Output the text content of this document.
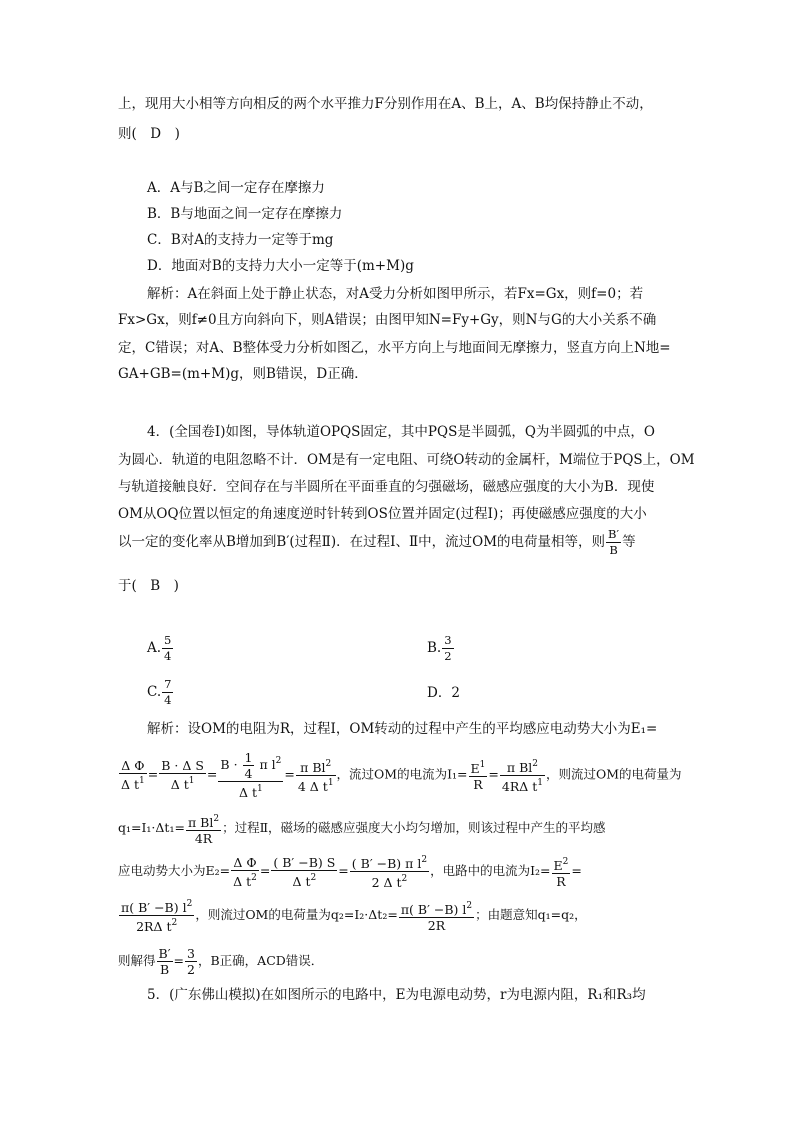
上，现用大小相等方向相反的两个水平推力F分别作用在A、B上，A、B均保持静止不动，
则(　D　)
A．A与B之间一定存在摩擦力
B．B与地面之间一定存在摩擦力
C．B对A的支持力一定等于mg
D．地面对B的支持力大小一定等于(m+M)g
解析：A在斜面上处于静止状态，对A受力分析如图甲所示，若Fx=Gx，则f=0；若
Fx>Gx，则f≠0且方向斜向下，则A错误；由图甲知N=Fy+Gy，则N与G的大小关系不确
定，C错误；对A、B整体受力分析如图乙，水平方向上与地面间无摩擦力，竖直方向上N地=
GA+GB=(m+M)g，则B错误，D正确．
4．(全国卷Ⅰ)如图，导体轨道OPQS固定，其中PQS是半圆弧，Q为半圆弧的中点，O
为圆心．轨道的电阻忽略不计．OM是有一定电阻、可绕O转动的金属杆，M端位于PQS上，OM
与轨道接触良好．空间存在与半圆所在平面垂直的匀强磁场，磁感应强度的大小为B．现使
OM从OQ位置以恒定的角速度逆时针转到OS位置并固定(过程Ⅰ)；再使磁感应强度的大小
以一定的变化率从B增加到B′(过程Ⅱ)．在过程Ⅰ、Ⅱ中，流过OM的电荷量相等，则 $\frac{B'}{B}$ 等
于(　B　)
A. $\frac{5}{4}$	B. $\frac{3}{2}$
C. $\frac{7}{4}$	D．2
解析：设OM的电阻为R，过程Ⅰ，OM转动的过程中产生的平均感应电动势大小为E₁=
$\frac{\text{Δ Φ}}{\Delta t^1} = \frac{\text{B · Δ S}}{\Delta t^1} = \frac{B \cdot \frac{1}{4} \pi l^2}{\Delta t^1} = \frac{\pi Bl^2}{4 \Delta t^1}$ ，流过OM的电流为$I_1= \frac{E^1}{R} = \frac{\pi Bl^2}{4R\Delta t^1}$ ，则流过OM的电荷量为
$q_1=I_1\cdot\Delta t_1= \frac{\pi Bl^2}{4R}$ ；过程Ⅱ，磁场的磁感应强度大小均匀增加，则该过程中产生的平均感
应电动势大小为$E_2= \frac{\text{Δ Φ}}{\Delta t^2} = \frac{( B' -B) S}{\Delta t^2} = \frac{( B' -B) \pi l^2}{2 \Delta t^2}$ ，电路中的电流为$I_2= \frac{E^2}{R}$ =
$\frac{\pi( B' -B) l^2}{2R\Delta t^2}$ ，则流过OM的电荷量为$q_2=I_2\cdot\Delta t_2= \frac{\pi( B' -B) l^2}{2R}$ ；由题意知q₁=q₂，
则解得 $\frac{B'}{B} = \frac{3}{2}$ ，B正确，ACD错误．
5．(广东佛山模拟)在如图所示的电路中，E为电源电动势，r为电源内阻，R₁和R₃均
